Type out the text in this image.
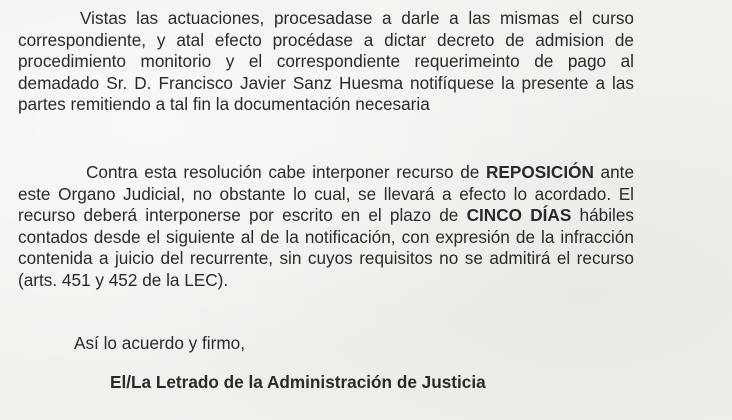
Vistas las actuaciones, procesadase a darle a las mismas el curso correspondiente, y atal efecto procédase a dictar decreto de admision de procedimiento monitorio y el correspondiente requerimeinto de pago al demadado Sr. D. Francisco Javier Sanz Huesma notifíquese la presente a las partes remitiendo a tal fin la documentación necesaria

Contra esta resolución cabe interponer recurso de REPOSICIÓN ante este Organo Judicial, no obstante lo cual, se llevará a efecto lo acordado. El recurso deberá interponerse por escrito en el plazo de CINCO DÍAS hábiles contados desde el siguiente al de la notificación, con expresión de la infracción contenida a juicio del recurrente, sin cuyos requisitos no se admitirá el recurso (arts. 451 y 452 de la LEC).

Así lo acuerdo y firmo,

El/La Letrado de la Administración de Justicia
